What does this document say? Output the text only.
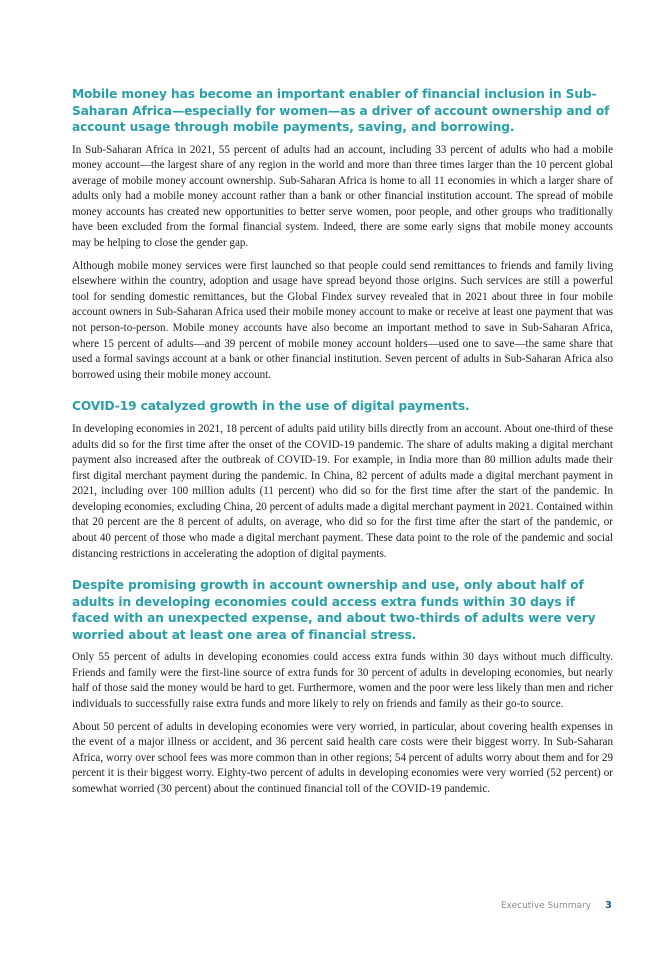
Mobile money has become an important enabler of financial inclusion in Sub-Saharan Africa—especially for women—as a driver of account ownership and of account usage through mobile payments, saving, and borrowing.

In Sub-Saharan Africa in 2021, 55 percent of adults had an account, including 33 percent of adults who had a mobile money account—the largest share of any region in the world and more than three times larger than the 10 percent global average of mobile money account ownership. Sub-Saharan Africa is home to all 11 economies in which a larger share of adults only had a mobile money account rather than a bank or other financial institution account. The spread of mobile money accounts has created new opportunities to better serve women, poor people, and other groups who traditionally have been excluded from the formal financial system. Indeed, there are some early signs that mobile money accounts may be helping to close the gender gap.

Although mobile money services were first launched so that people could send remittances to friends and family living elsewhere within the country, adoption and usage have spread beyond those origins. Such services are still a powerful tool for sending domestic remittances, but the Global Findex survey revealed that in 2021 about three in four mobile account owners in Sub-Saharan Africa used their mobile money account to make or receive at least one payment that was not person-to-person. Mobile money accounts have also become an important method to save in Sub-Saharan Africa, where 15 percent of adults—and 39 percent of mobile money account holders—used one to save—the same share that used a formal savings account at a bank or other financial institution. Seven percent of adults in Sub-Saharan Africa also borrowed using their mobile money account.

COVID-19 catalyzed growth in the use of digital payments.

In developing economies in 2021, 18 percent of adults paid utility bills directly from an account. About one-third of these adults did so for the first time after the onset of the COVID-19 pandemic. The share of adults making a digital merchant payment also increased after the outbreak of COVID-19. For example, in India more than 80 million adults made their first digital merchant payment during the pandemic. In China, 82 percent of adults made a digital merchant payment in 2021, including over 100 million adults (11 percent) who did so for the first time after the start of the pandemic. In developing economies, excluding China, 20 percent of adults made a digital merchant payment in 2021. Contained within that 20 percent are the 8 percent of adults, on average, who did so for the first time after the start of the pandemic, or about 40 percent of those who made a digital merchant payment. These data point to the role of the pandemic and social distancing restrictions in accelerating the adoption of digital payments.

Despite promising growth in account ownership and use, only about half of adults in developing economies could access extra funds within 30 days if faced with an unexpected expense, and about two-thirds of adults were very worried about at least one area of financial stress.

Only 55 percent of adults in developing economies could access extra funds within 30 days without much difficulty. Friends and family were the first-line source of extra funds for 30 percent of adults in developing economies, but nearly half of those said the money would be hard to get. Furthermore, women and the poor were less likely than men and richer individuals to successfully raise extra funds and more likely to rely on friends and family as their go-to source.

About 50 percent of adults in developing economies were very worried, in particular, about covering health expenses in the event of a major illness or accident, and 36 percent said health care costs were their biggest worry. In Sub-Saharan Africa, worry over school fees was more common than in other regions; 54 percent of adults worry about them and for 29 percent it is their biggest worry. Eighty-two percent of adults in developing economies were very worried (52 percent) or somewhat worried (30 percent) about the continued financial toll of the COVID-19 pandemic.

Executive Summary 3
